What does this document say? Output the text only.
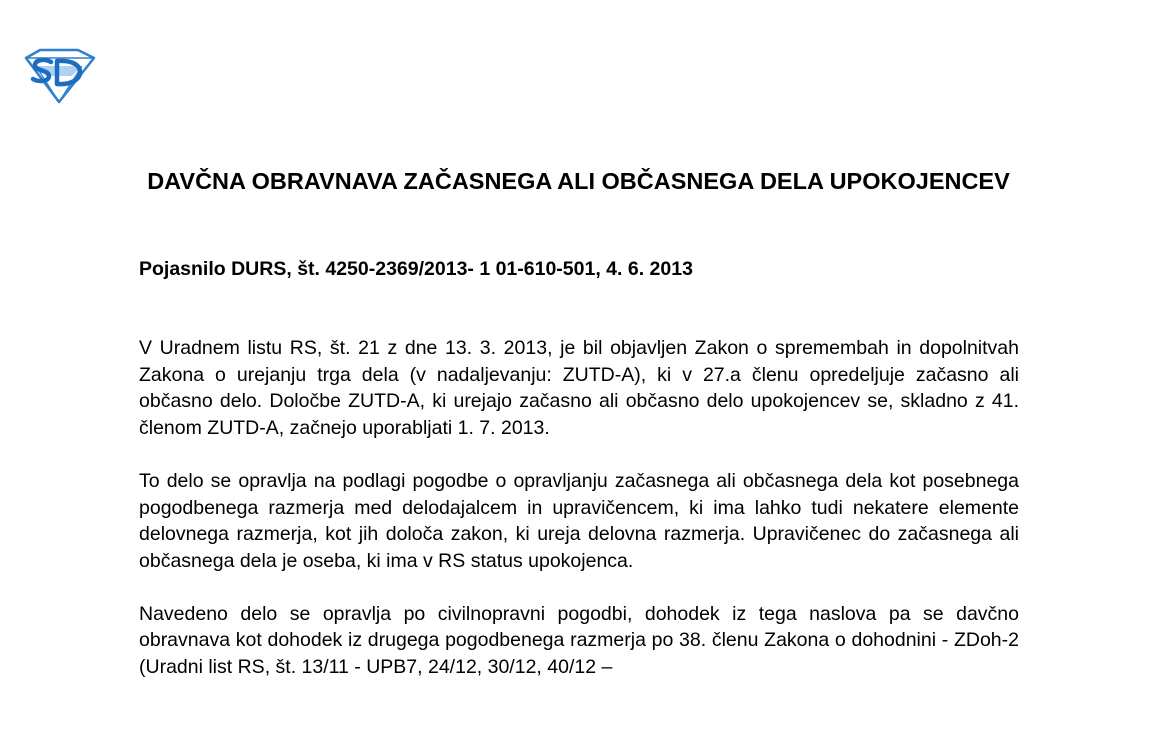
DAVČNA OBRAVNAVA ZAČASNEGA ALI OBČASNEGA DELA UPOKOJENCEV

Pojasnilo DURS, št. 4250-2369/2013- 1 01-610-501, 4. 6. 2013

V Uradnem listu RS, št. 21 z dne 13. 3. 2013, je bil objavljen Zakon o spremembah in dopolnitvah Zakona o urejanju trga dela (v nadaljevanju: ZUTD-A), ki v 27.a členu opredeljuje začasno ali občasno delo. Določbe ZUTD-A, ki urejajo začasno ali občasno delo upokojencev se, skladno z 41. členom ZUTD-A, začnejo uporabljati 1. 7. 2013.

To delo se opravlja na podlagi pogodbe o opravljanju začasnega ali občasnega dela kot posebnega pogodbenega razmerja med delodajalcem in upravičencem, ki ima lahko tudi nekatere elemente delovnega razmerja, kot jih določa zakon, ki ureja delovna razmerja. Upravičenec do začasnega ali občasnega dela je oseba, ki ima v RS status upokojenca.

Navedeno delo se opravlja po civilnopravni pogodbi, dohodek iz tega naslova pa se davčno obravnava kot dohodek iz drugega pogodbenega razmerja po 38. členu Zakona o dohodnini - ZDoh-2 (Uradni list RS, št. 13/11 - UPB7, 24/12, 30/12, 40/12 –
